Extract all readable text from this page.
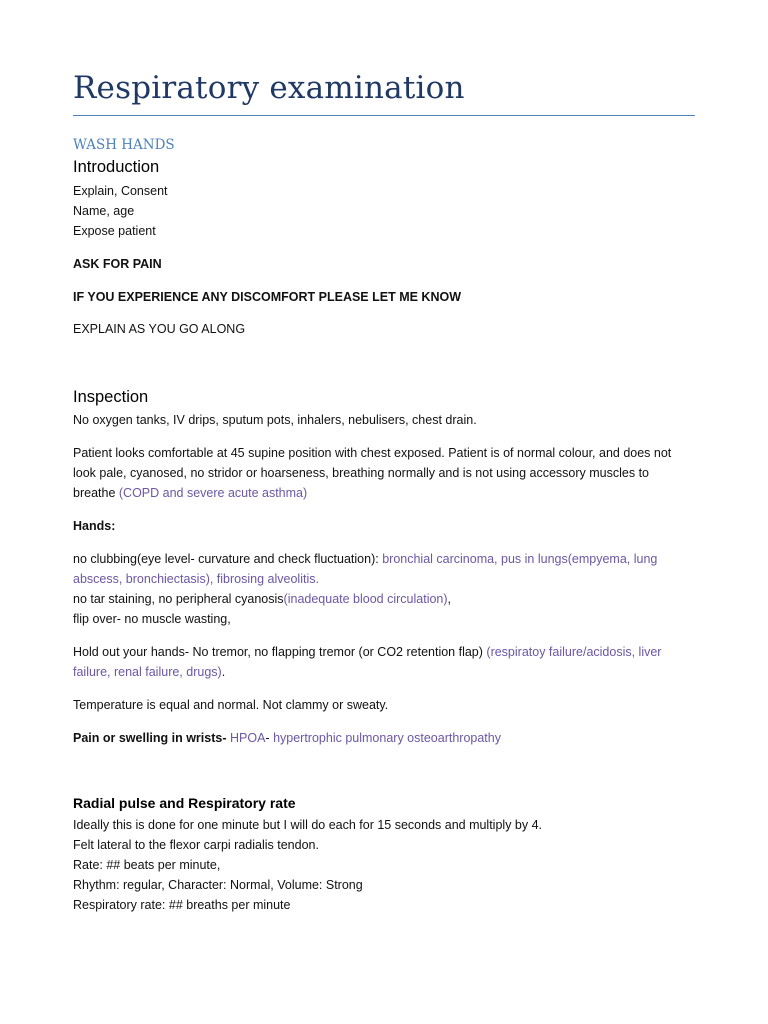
Respiratory examination
WASH HANDS
Introduction
Explain, Consent
Name, age
Expose patient
ASK FOR PAIN
IF YOU EXPERIENCE ANY DISCOMFORT PLEASE LET ME KNOW
EXPLAIN AS YOU GO ALONG
Inspection
No oxygen tanks, IV drips, sputum pots, inhalers, nebulisers, chest drain.
Patient looks comfortable at 45 supine position with chest exposed. Patient is of normal colour, and does not
look pale, cyanosed, no stridor or hoarseness, breathing normally and is not using accessory muscles to
breathe (COPD and severe acute asthma)
Hands:
no clubbing(eye level- curvature and check fluctuation): bronchial carcinoma, pus in lungs(empyema, lung
abscess, bronchiectasis), fibrosing alveolitis.
no tar staining, no peripheral cyanosis(inadequate blood circulation),
flip over- no muscle wasting,
Hold out your hands- No tremor, no flapping tremor (or CO2 retention flap) (respiratoy failure/acidosis, liver
failure, renal failure, drugs).
Temperature is equal and normal. Not clammy or sweaty.
Pain or swelling in wrists- HPOA- hypertrophic pulmonary osteoarthropathy
Radial pulse and Respiratory rate
Ideally this is done for one minute but I will do each for 15 seconds and multiply by 4.
Felt lateral to the flexor carpi radialis tendon.
Rate: ## beats per minute,
Rhythm: regular, Character: Normal, Volume: Strong
Respiratory rate: ## breaths per minute
